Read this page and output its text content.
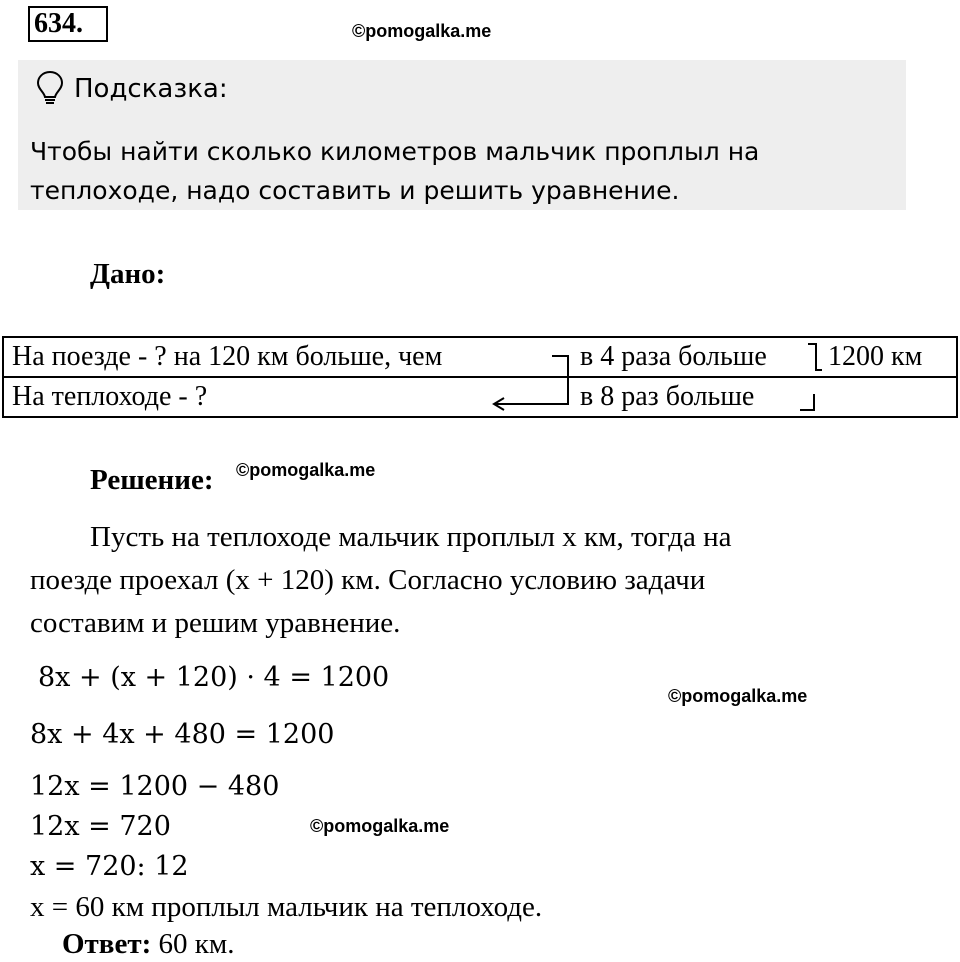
634.	©pomogalka.me
Подсказка:
Чтобы найти сколько километров мальчик проплыл на
теплоходе, надо составить и решить уравнение.
Дано:

На поезде - ? на 120 км больше, чем	в 4 раза больше 1200 км
На теплоходе - ?	в 8 раз больше
Решение: ©pomogalka.me
Пусть на теплоходе мальчик проплыл x км, тогда на
поезде проехал (x + 120) км. Согласно условию задачи
составим и решим уравнение.
8x + (x + 120) · 4 = 1200
©pomogalka.me
8x + 4x + 480 = 1200
12x = 1200 − 480
12x = 720	©pomogalka.me
x = 720: 12
x = 60 км проплыл мальчик на теплоходе.
Ответ: 60 км.
